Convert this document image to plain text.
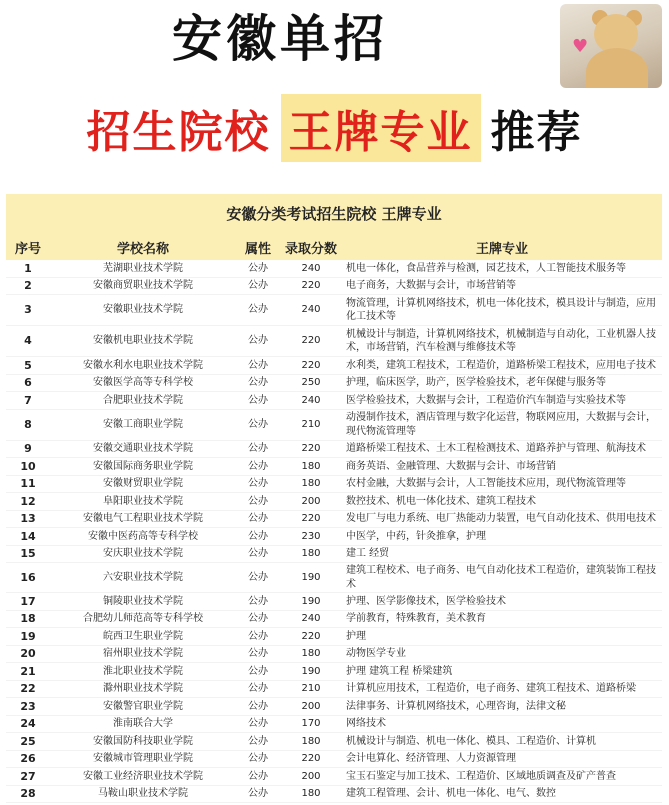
安徽单招	♥
招生院校 王牌专业 推荐
安徽分类考试招生院校 王牌专业
序号	学校名称	属性	录取分数	王牌专业
1	芜湖职业技术学院	公办	240	机电一体化，食品营养与检测，园艺技术，人工智能技术服务等
2	安徽商贸职业技术学院	公办	220	电子商务，大数据与会计，市场营销等
3	安徽职业技术学院	公办	240	物流管理，计算机网络技术，机电一体化技术，模具设计与制造，应用化工技术等
4	安徽机电职业技术学院	公办	220	机械设计与制造，计算机网络技术，机械制造与自动化，工业机器人技术，市场营销，汽车检测与维修技术等
5	安徽水利水电职业技术学院	公办	220	水利类，建筑工程技术，工程造价，道路桥梁工程技术，应用电子技术
6	安徽医学高等专科学校	公办	250	护理，临床医学，助产，医学检验技术，老年保健与服务等
7	合肥职业技术学院	公办	240	医学检验技术，大数据与会计，工程造价汽车制造与实验技术等
8	安徽工商职业学院	公办	210	动漫制作技术，酒店管理与数字化运营，物联网应用，大数据与会计，现代物流管理等
9	安徽交通职业技术学院	公办	220	道路桥梁工程技术、土木工程检测技术、道路养护与管理、航海技术
10	安徽国际商务职业学院	公办	180	商务英语、金融管理、大数据与会计、市场营销
11	安徽财贸职业学院	公办	180	农村金融，大数据与会计，人工智能技术应用，现代物流管理等
12	阜阳职业技术学院	公办	200	数控技术、机电一体化技术、建筑工程技术
13	安徽电气工程职业技术学院	公办	220	发电厂与电力系统、电厂热能动力装置，电气自动化技术、供用电技术
14	安徽中医药高等专科学校	公办	230	中医学，中药，针灸推拿，护理
15	安庆职业技术学院	公办	180	建工 经贸
16	六安职业技术学院	公办	190	建筑工程校术、电子商务、电气自动化技术工程造价，建筑装饰工程技术
17	铜陵职业技术学院	公办	190	护理、医学影像技术，医学检验技术
18	合肥幼儿师范高等专科学校	公办	240	学前教育，特殊教育，美术教育
19	皖西卫生职业学院	公办	220	护理
20	宿州职业技术学院	公办	180	动物医学专业
21	淮北职业技术学院	公办	190	护理 建筑工程 桥梁建筑
22	滁州职业技术学院	公办	210	计算机应用技术，工程造价，电子商务、建筑工程技术、道路桥梁
23	安徽警官职业学院	公办	200	法律事务、计算机网络技术，心理咨询，法律文秘
24	淮南联合大学	公办	170	网络技术
25	安徽国防科技职业学院	公办	180	机械设计与制造、机电一体化、模具、工程造价、计算机
26	安徽城市管理职业学院	公办	220	会计电算化、经济管理、人力资源管理
27	安徽工业经济职业技术学院	公办	200	宝玉石鉴定与加工技术、工程造价、区域地质调查及矿产普查
28	马鞍山职业技术学院	公办	180	建筑工程管理、会计、机电一体化、电气、数控
